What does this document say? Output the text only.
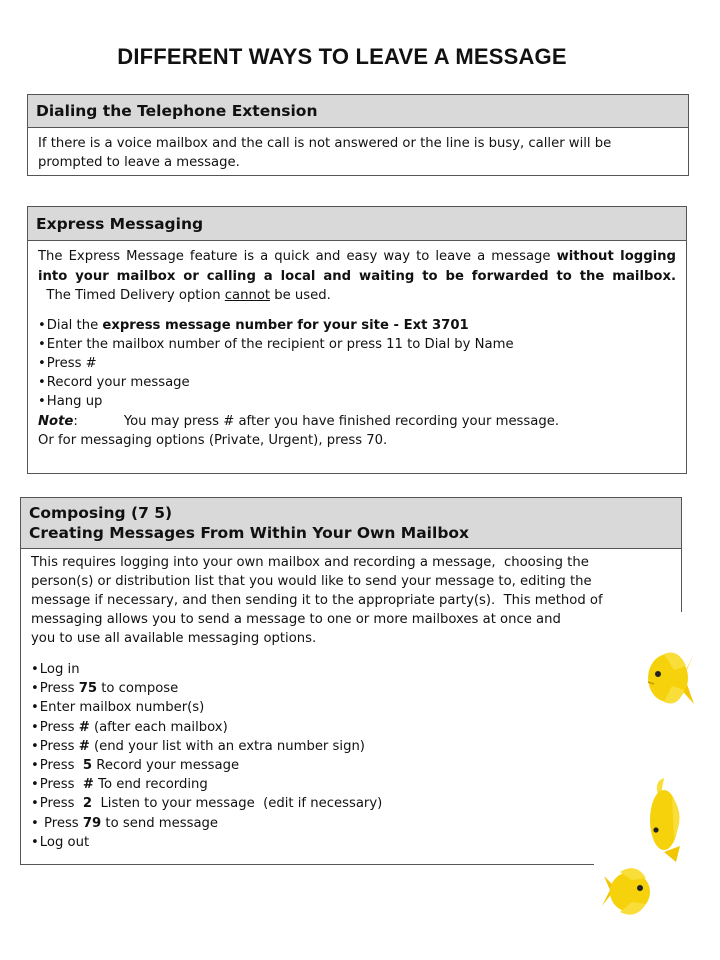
DIFFERENT WAYS TO LEAVE A MESSAGE
Dialing the Telephone Extension
If there is a voice mailbox and the call is not answered or the line is busy, caller will be prompted to leave a message.
Express Messaging
The Express Message feature is a quick and easy way to leave a message without logging into your mailbox or calling a local and waiting to be forwarded to the mailbox.  The Timed Delivery option cannot be used.
• Dial the express message number for your site - Ext 3701
• Enter the mailbox number of the recipient or press 11 to Dial by Name
• Press #
• Record your message
• Hang up
Note:	You may press # after you have finished recording your message.
Or for messaging options (Private, Urgent), press 70.
Composing (7 5)
Creating Messages From Within Your Own Mailbox
This requires logging into your own mailbox and recording a message,  choosing the
person(s) or distribution list that you would like to send your message to, editing the
message if necessary, and then sending it to the appropriate party(s).  This method of
messaging allows you to send a message to one or more mailboxes at once and
you to use all available messaging options.
• Log in
• Press 75 to compose
• Enter mailbox number(s)
• Press # (after each mailbox)
• Press # (end your list with an extra number sign)
• Press  5 Record your message
• Press  # To end recording
• Press  2  Listen to your message  (edit if necessary)
•  Press 79 to send message
• Log out
